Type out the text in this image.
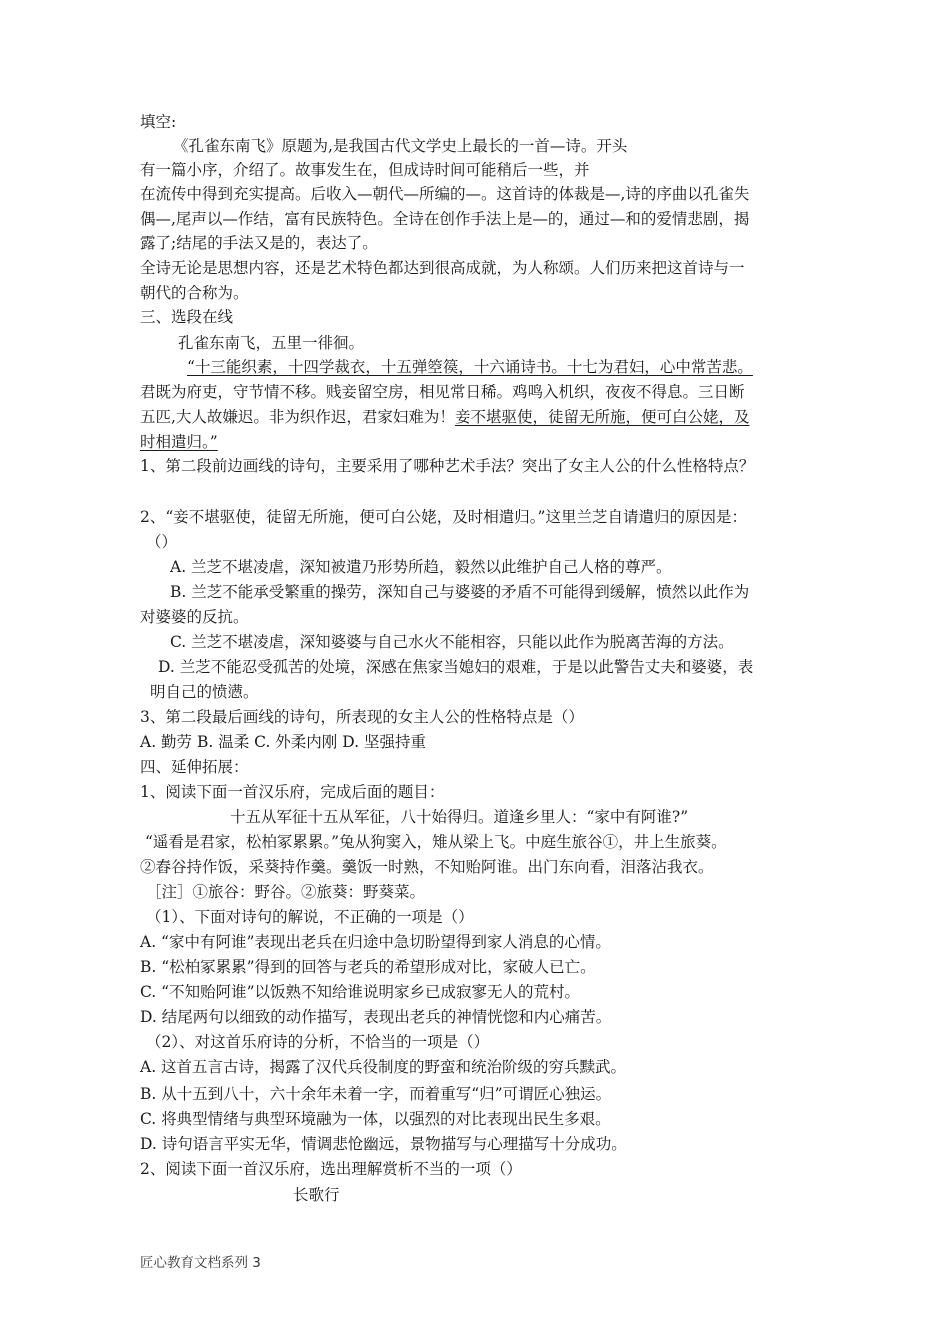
填空:
《孔雀东南飞》原题为,是我国古代文学史上最长的一首—诗。开头
有一篇小序，介绍了。故事发生在，但成诗时间可能稍后一些，并
在流传中得到充实提高。后收入—朝代—所编的—。这首诗的体裁是—,诗的序曲以孔雀失
偶—,尾声以—作结，富有民族特色。全诗在创作手法上是—的，通过—和的爱情悲剧，揭
露了;结尾的手法又是的，表达了。
全诗无论是思想内容，还是艺术特色都达到很高成就，为人称颂。人们历来把这首诗与一
朝代的合称为。
三、选段在线
孔雀东南飞，五里一徘徊。
“十三能织素，十四学裁衣，十五弹箜篌，十六诵诗书。十七为君妇，心中常苦悲。
君既为府吏，守节情不移。贱妾留空房，相见常日稀。鸡鸣入机织，夜夜不得息。三日断
五匹,大人故嫌迟。非为织作迟，君家妇难为！妾不堪驱使，徒留无所施，便可白公姥，及
时相遣归。”
1、第二段前边画线的诗句，主要采用了哪种艺术手法？突出了女主人公的什么性格特点？
2、“妾不堪驱使，徒留无所施，便可白公姥，及时相遣归。”这里兰芝自请遣归的原因是：
（）
A. 兰芝不堪凌虐，深知被遣乃形势所趋，毅然以此维护自己人格的尊严。
B. 兰芝不能承受繁重的操劳，深知自己与婆婆的矛盾不可能得到缓解，愤然以此作为
对婆婆的反抗。
C. 兰芝不堪凌虐，深知婆婆与自己水火不能相容，只能以此作为脱离苦海的方法。
D. 兰芝不能忍受孤苦的处境，深感在焦家当媳妇的艰难，于是以此警告丈夫和婆婆，表
明自己的愤懑。
3、第二段最后画线的诗句，所表现的女主人公的性格特点是（）
A. 勤劳 B. 温柔 C. 外柔内刚 D. 坚强持重
四、延伸拓展：
1、阅读下面一首汉乐府，完成后面的题目：
十五从军征十五从军征，八十始得归。道逢乡里人：“家中有阿谁?”
“遥看是君家，松柏冢累累。”兔从狗窦入，雉从梁上飞。中庭生旅谷①，井上生旅葵。
②舂谷持作饭，采葵持作羹。羹饭一时熟，不知贻阿谁。出门东向看，泪落沾我衣。
［注］①旅谷：野谷。②旅葵：野葵菜。
（1）、下面对诗句的解说，不正确的一项是（）
A. “家中有阿谁”表现出老兵在归途中急切盼望得到家人消息的心情。
B. “松柏冢累累”得到的回答与老兵的希望形成对比，家破人已亡。
C. “不知贻阿谁”以饭熟不知给谁说明家乡已成寂寥无人的荒村。
D. 结尾两句以细致的动作描写，表现出老兵的神情恍惚和内心痛苦。
（2）、对这首乐府诗的分析，不恰当的一项是（）
A. 这首五言古诗，揭露了汉代兵役制度的野蛮和统治阶级的穷兵黩武。
B. 从十五到八十，六十余年未着一字，而着重写“归”可谓匠心独运。
C. 将典型情绪与典型环境融为一体，以强烈的对比表现出民生多艰。
D. 诗句语言平实无华，情调悲怆幽远，景物描写与心理描写十分成功。
2、阅读下面一首汉乐府，选出理解赏析不当的一项（）
长歌行
匠心教育文档系列 3
